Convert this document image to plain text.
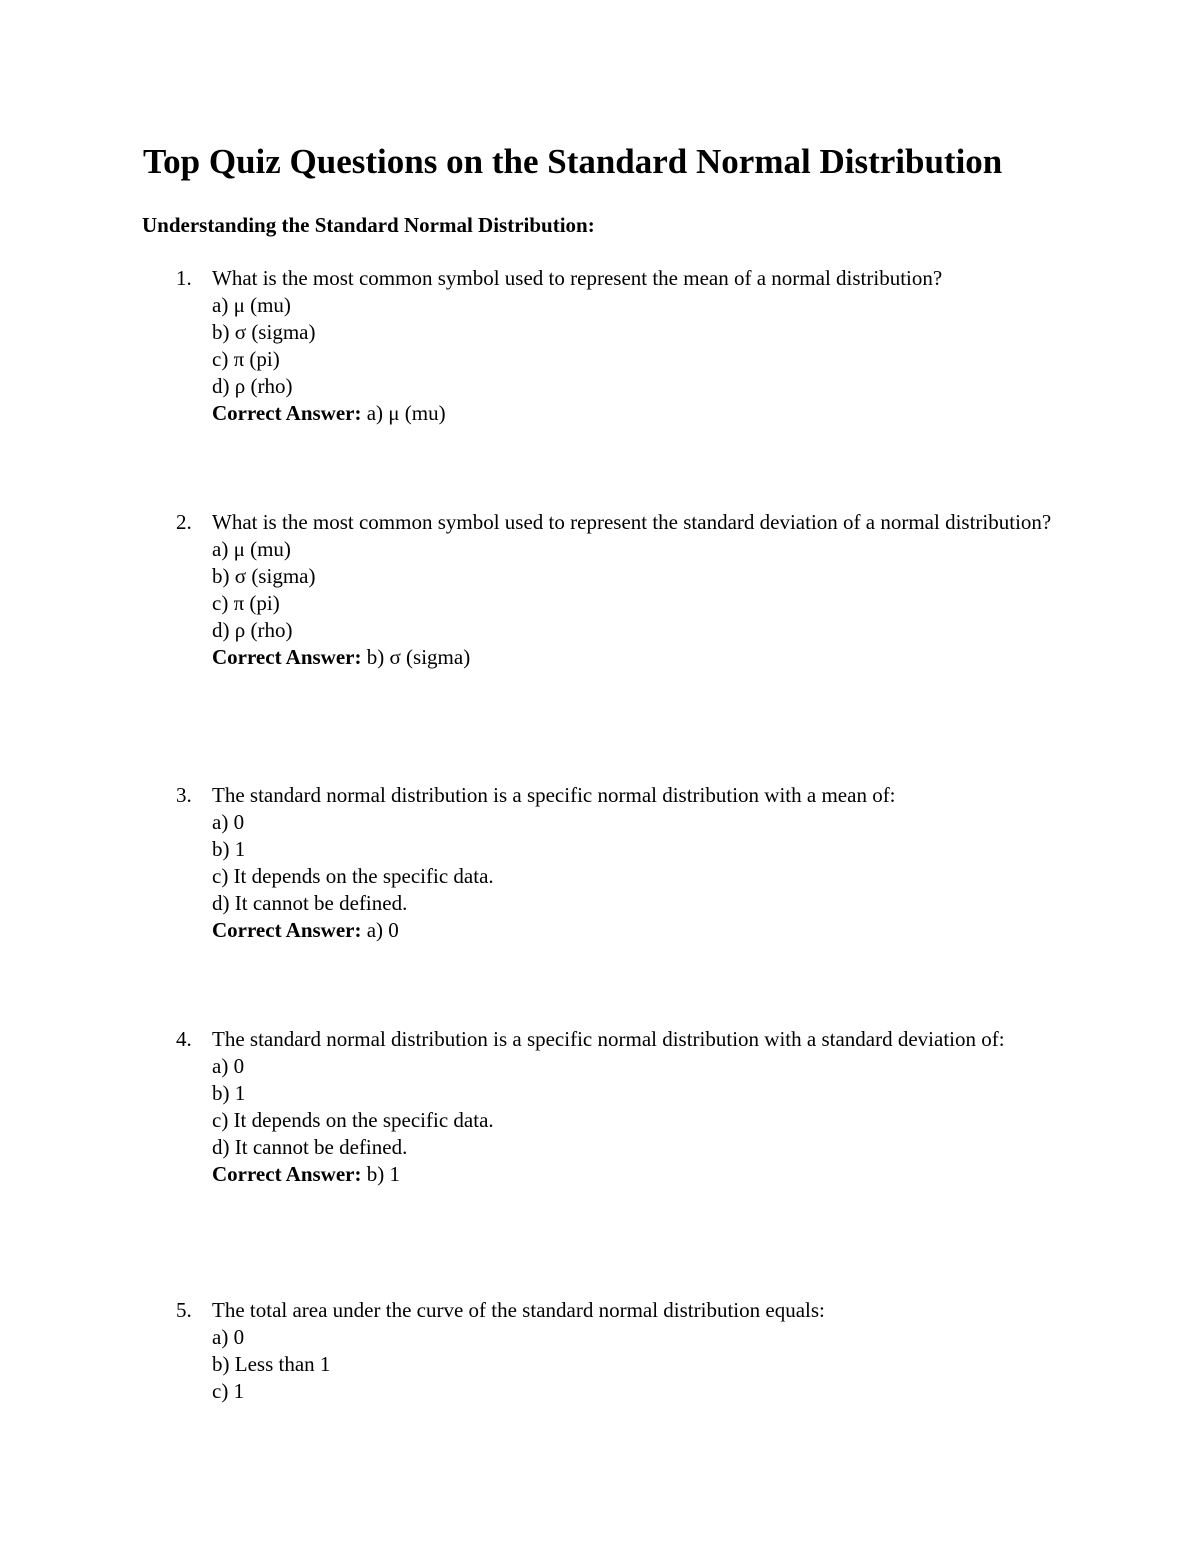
Top Quiz Questions on the Standard Normal Distribution
Understanding the Standard Normal Distribution:
1. What is the most common symbol used to represent the mean of a normal distribution?
a) μ (mu)
b) σ (sigma)
c) π (pi)
d) ρ (rho)
Correct Answer: a) μ (mu)
2. What is the most common symbol used to represent the standard deviation of a normal distribution?
a) μ (mu)
b) σ (sigma)
c) π (pi)
d) ρ (rho)
Correct Answer: b) σ (sigma)
3. The standard normal distribution is a specific normal distribution with a mean of:
a) 0
b) 1
c) It depends on the specific data.
d) It cannot be defined.
Correct Answer: a) 0
4. The standard normal distribution is a specific normal distribution with a standard deviation of:
a) 0
b) 1
c) It depends on the specific data.
d) It cannot be defined.
Correct Answer: b) 1
5. The total area under the curve of the standard normal distribution equals:
a) 0
b) Less than 1
c) 1
